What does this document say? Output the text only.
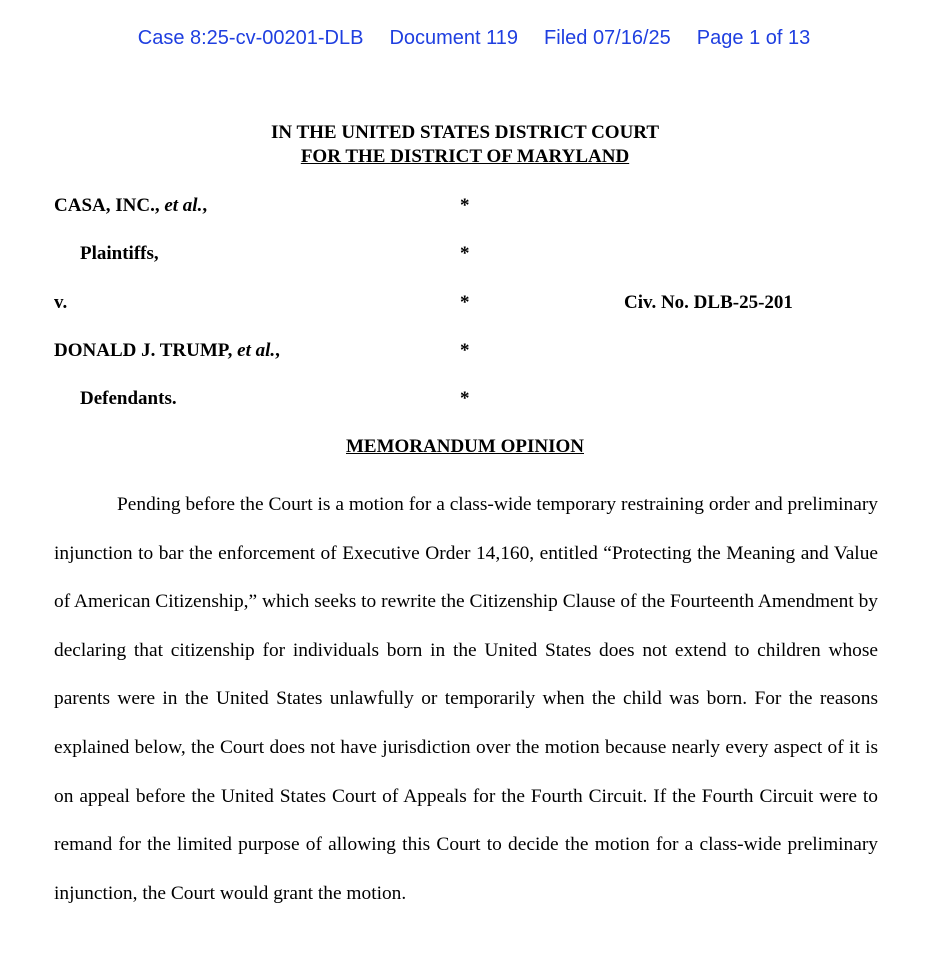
Case 8:25-cv-00201-DLB Document 119 Filed 07/16/25 Page 1 of 13
IN THE UNITED STATES DISTRICT COURT
FOR THE DISTRICT OF MARYLAND
CASA, INC., et al.,	*
Plaintiffs,	*
v.	*	Civ. No. DLB-25-201
DONALD J. TRUMP, et al.,	*
Defendants.	*
MEMORANDUM OPINION

Pending before the Court is a motion for a class-wide temporary restraining order and preliminary injunction to bar the enforcement of Executive Order 14,160, entitled “Protecting the Meaning and Value of American Citizenship,” which seeks to rewrite the Citizenship Clause of the Fourteenth Amendment by declaring that citizenship for individuals born in the United States does not extend to children whose parents were in the United States unlawfully or temporarily when the child was born. For the reasons explained below, the Court does not have jurisdiction over the motion because nearly every aspect of it is on appeal before the United States Court of Appeals for the Fourth Circuit. If the Fourth Circuit were to remand for the limited purpose of allowing this Court to decide the motion for a class-wide preliminary injunction, the Court would grant the motion.
